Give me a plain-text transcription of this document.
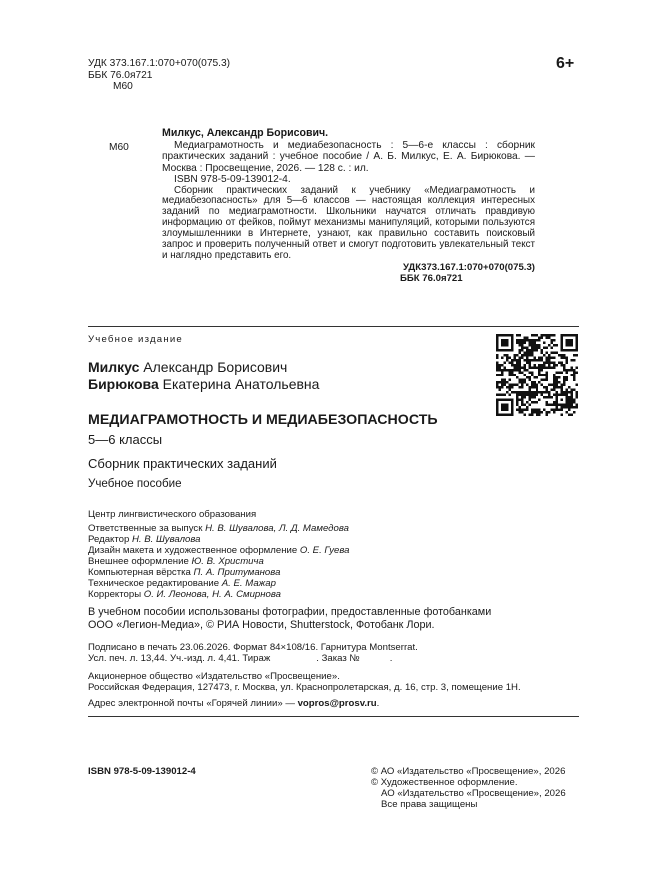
УДК 373.167.1:070+070(075.3)

ББК 76.0я721

М60

6+
М60

Милкус, Александр Борисович.

Медиаграмотность и медиабезопасность : 5—6-е классы : сборник практических заданий : учебное пособие / А. Б. Милкус, Е. А. Бирюкова. — Москва : Просвещение, 2026. — 128 с. : ил.

ISBN 978-5-09-139012-4.

Сборник практических заданий к учебнику «Медиаграмотность и медиабезопасность» для 5—6 классов — настоящая коллекция интересных заданий по медиаграмотности. Школьники научатся отличать правдивую информацию от фейков, поймут механизмы манипуляций, которыми пользуются злоумышленники в Интернете, узнают, как правильно составить поисковый запрос и проверить полученный ответ и смогут подготовить увлекательный текст и наглядно представить его.

УДК373.167.1:070+070(075.3)

ББК 76.0я721

Учебное издание

Милкус Александр Борисович

Бирюкова Екатерина Анатольевна

МЕДИАГРАМОТНОСТЬ И МЕДИАБЕЗОПАСНОСТЬ
5—6 классы
Сборник практических заданий
Учебное пособие

Центр лингвистического образования

Ответственные за выпуск Н. В. Шувалова, Л. Д. Мамедова

Редактор Н. В. Шувалова

Дизайн макета и художественное оформление О. Е. Гуева

Внешнее оформление Ю. В. Христича

Компьютерная вёрстка П. А. Притуманова

Техническое редактирование А. Е. Мажар

Корректоры О. И. Леонова, Н. А. Смирнова

В учебном пособии использованы фотографии, предоставленные фотобанками

ООО «Легион-Медиа», © РИА Новости, Shutterstock, Фотобанк Лори.

Подписано в печать 23.06.2026. Формат 84×108/16. Гарнитура Montserrat.

Усл. печ. л. 13,44. Уч.-изд. л. 4,41. Тираж	. Заказ №	.

Акционерное общество «Издательство «Просвещение».

Российская Федерация, 127473, г. Москва, ул. Краснопролетарская, д. 16, стр. 3, помещение 1Н.

Адрес электронной почты «Горячей линии» — vopros@prosv.ru.
ISBN 978-5-09-139012-4	© АО «Издательство «Просвещение», 2026

© Художественное оформление.

АО «Издательство «Просвещение», 2026

Все права защищены
